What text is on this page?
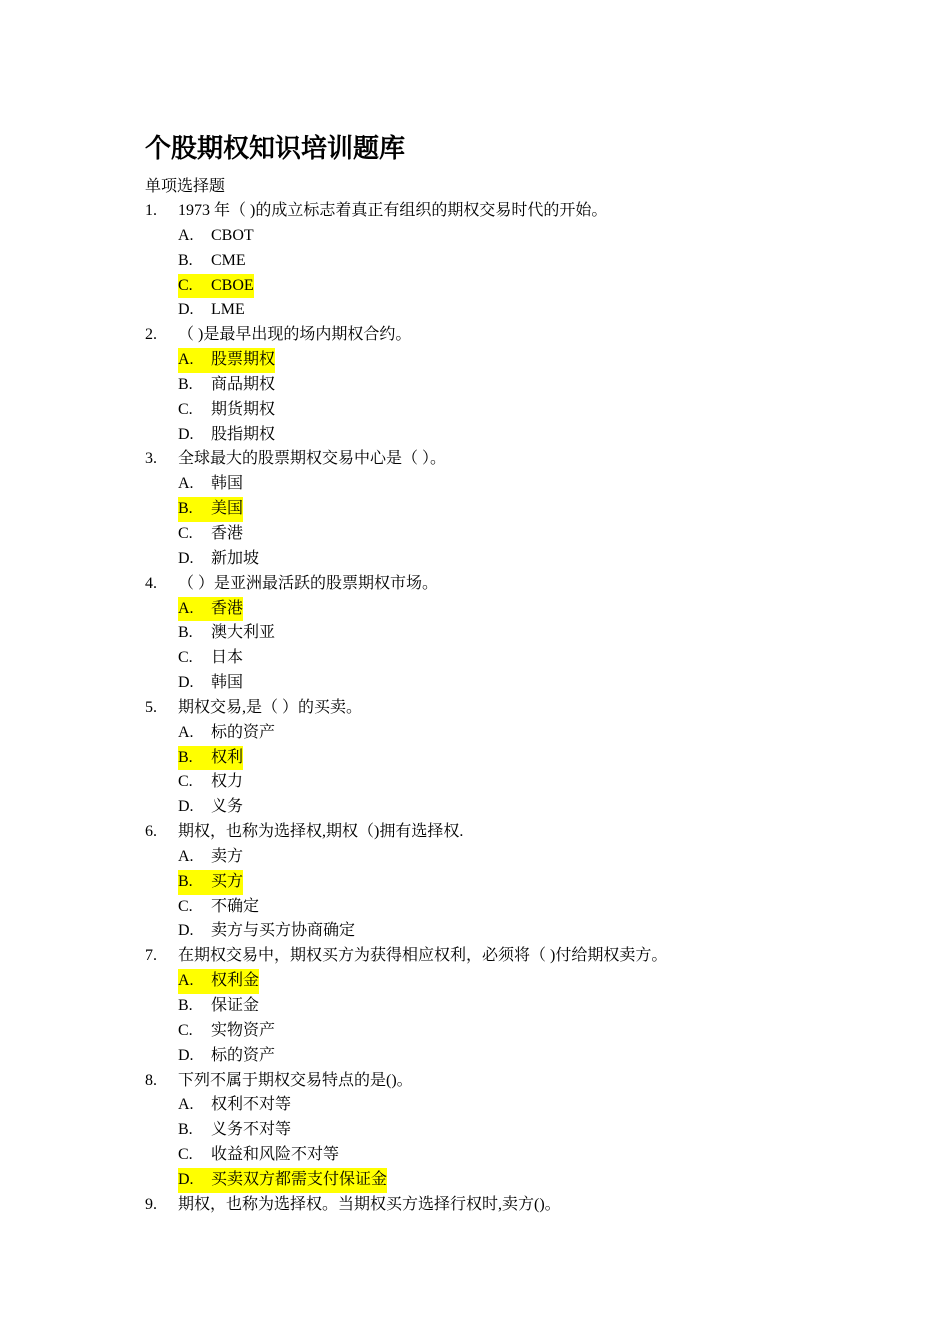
个股期权知识培训题库
单项选择题
1.	1973 年（ )的成立标志着真正有组织的期权交易时代的开始。
A. CBOT
B. CME
C. CBOE
D. LME
2.	（ )是最早出现的场内期权合约。
A. 股票期权
B. 商品期权
C. 期货期权
D. 股指期权
3.	全球最大的股票期权交易中心是（ ）。
A. 韩国
B. 美国
C. 香港
D. 新加坡
4.	（ ）是亚洲最活跃的股票期权市场。
A. 香港
B. 澳大利亚
C. 日本
D. 韩国
5.	期权交易,是（ ）的买卖。
A. 标的资产
B. 权利
C. 权力
D. 义务
6.	期权，也称为选择权,期权（)拥有选择权.
A. 卖方
B. 买方
C. 不确定
D. 卖方与买方协商确定
7.	在期权交易中，期权买方为获得相应权利，必须将（ )付给期权卖方。
A. 权利金
B. 保证金
C. 实物资产
D. 标的资产
8.	下列不属于期权交易特点的是()。
A. 权利不对等
B. 义务不对等
C. 收益和风险不对等
D. 买卖双方都需支付保证金
9.	期权，也称为选择权。当期权买方选择行权时,卖方()。
